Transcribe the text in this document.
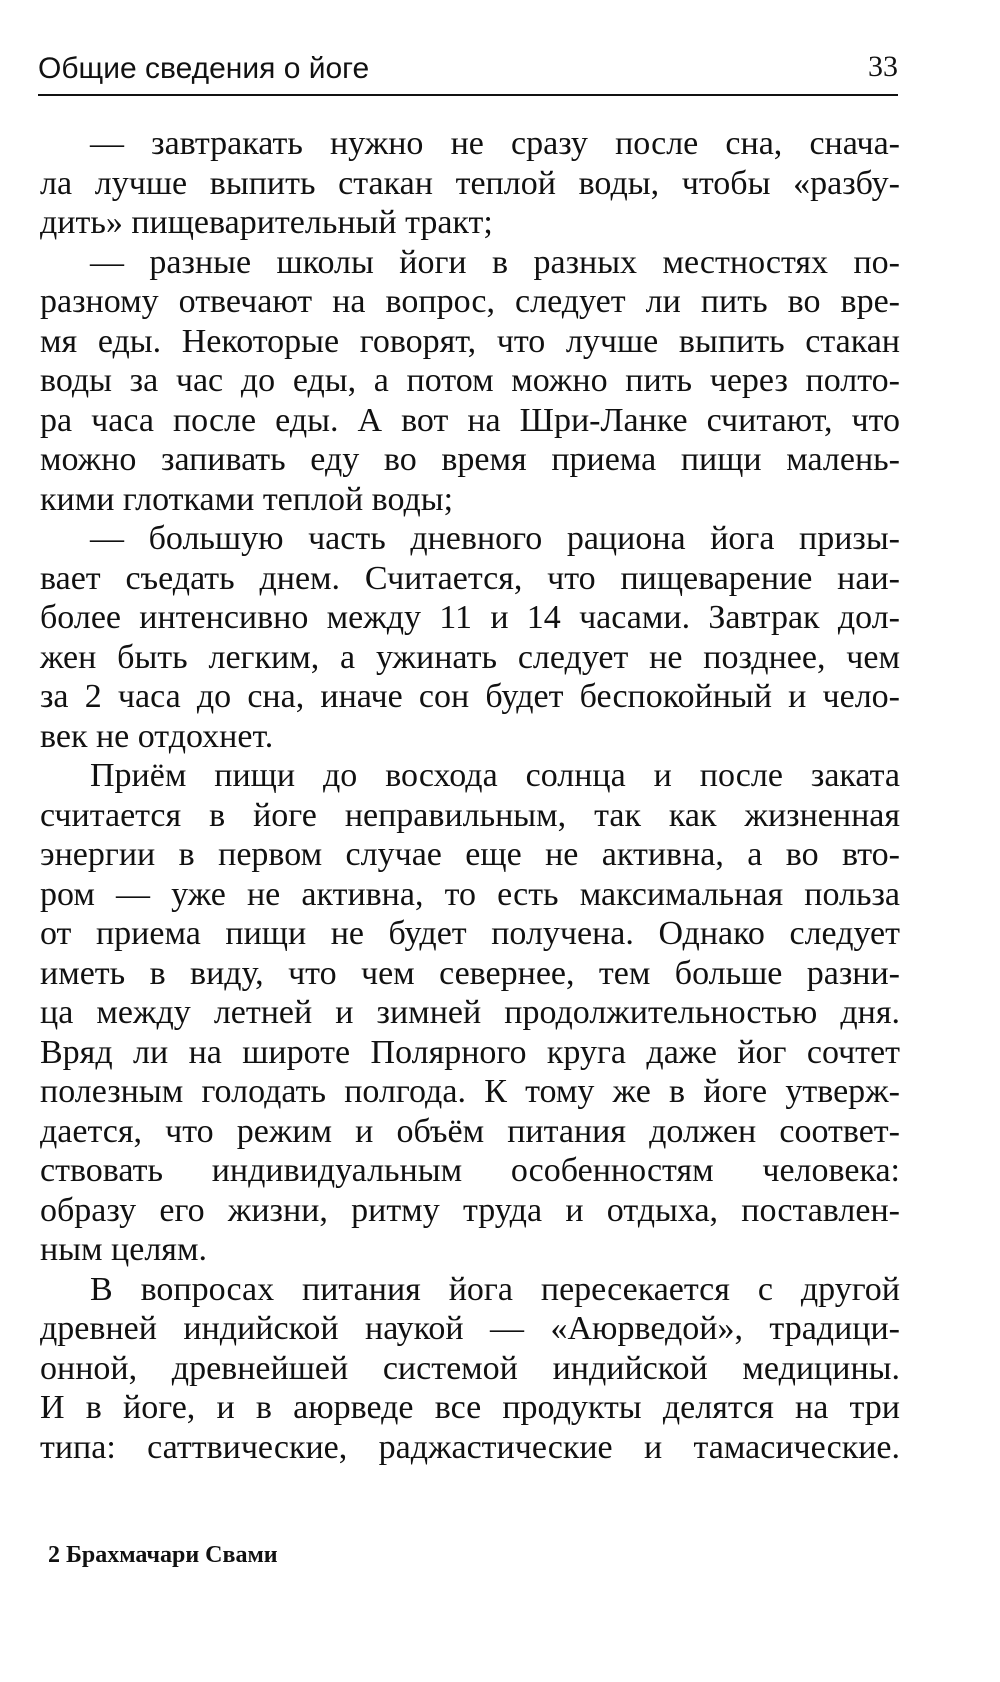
Общие сведения о йоге	33
— завтракать нужно не сразу после сна, снача-
ла лучше выпить стакан теплой воды, чтобы «разбу-
дить» пищеварительный тракт;
— разные школы йоги в разных местностях по-
разному отвечают на вопрос, следует ли пить во вре-
мя еды. Некоторые говорят, что лучше выпить стакан
воды за час до еды, а потом можно пить через полто-
ра часа после еды. А вот на Шри-Ланке считают, что
можно запивать еду во время приема пищи малень-
кими глотками теплой воды;
— большую часть дневного рациона йога призы-
вает съедать днем. Считается, что пищеварение наи-
более интенсивно между 11 и 14 часами. Завтрак дол-
жен быть легким, а ужинать следует не позднее, чем
за 2 часа до сна, иначе сон будет беспокойный и чело-
век не отдохнет.
Приём пищи до восхода солнца и после заката
считается в йоге неправильным, так как жизненная
энергии в первом случае еще не активна, а во вто-
ром — уже не активна, то есть максимальная польза
от приема пищи не будет получена. Однако следует
иметь в виду, что чем севернее, тем больше разни-
ца между летней и зимней продолжительностью дня.
Вряд ли на широте Полярного круга даже йог сочтет
полезным голодать полгода. К тому же в йоге утверж-
дается, что режим и объём питания должен соответ-
ствовать индивидуальным особенностям человека:
образу его жизни, ритму труда и отдыха, поставлен-
ным целям.
В вопросах питания йога пересекается с другой
древней индийской наукой — «Аюрведой», традици-
онной, древнейшей системой индийской медицины.
И в йоге, и в аюрведе все продукты делятся на три
типа: саттвические, раджастические и тамасические.
2 Брахмачари Свами
